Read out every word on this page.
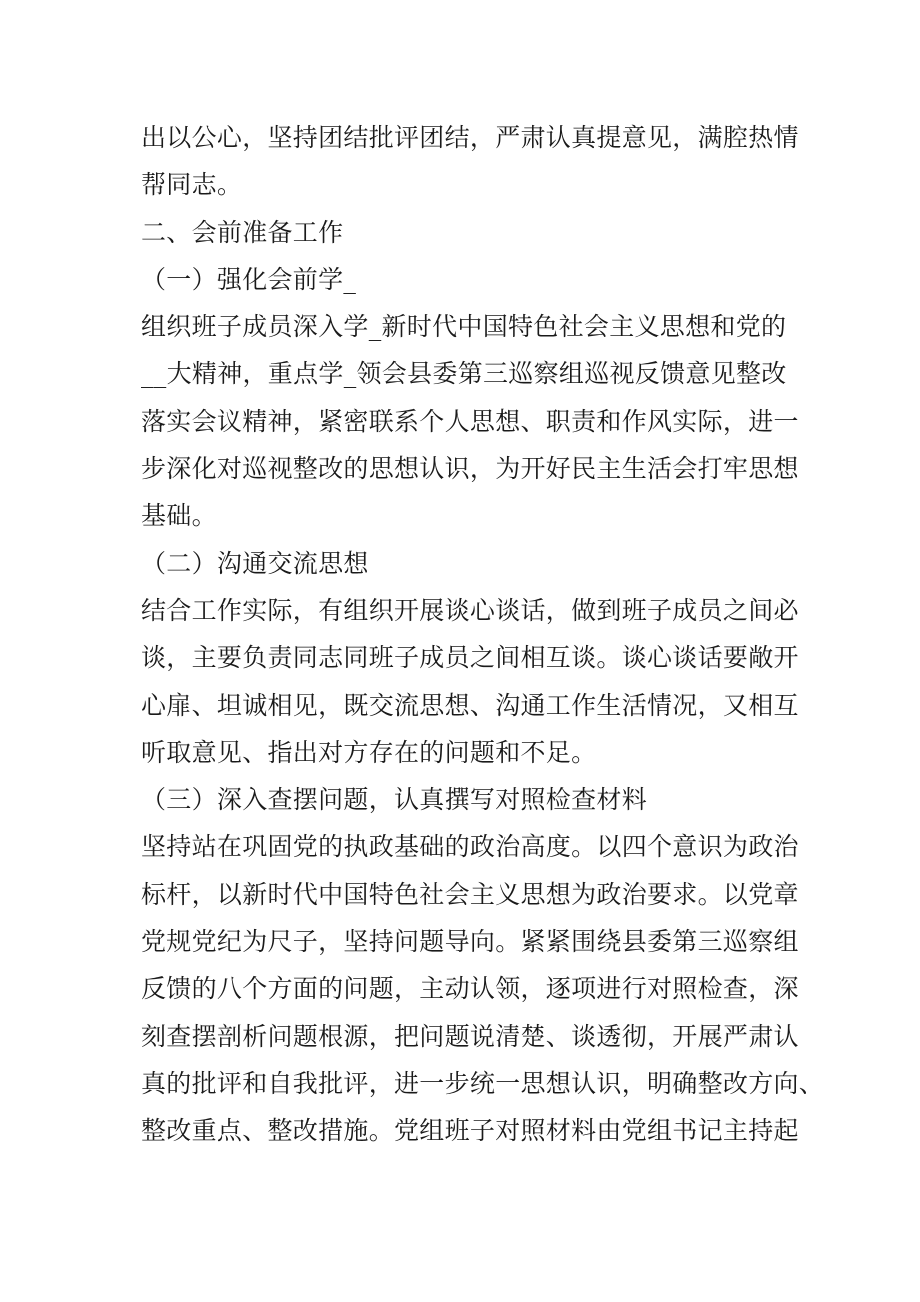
出以公心，坚持团结批评团结，严肃认真提意见，满腔热情
帮同志。
二、会前准备工作
（一）强化会前学_
组织班子成员深入学_新时代中国特色社会主义思想和党的
__大精神，重点学_领会县委第三巡察组巡视反馈意见整改
落实会议精神，紧密联系个人思想、职责和作风实际，进一
步深化对巡视整改的思想认识，为开好民主生活会打牢思想
基础。
（二）沟通交流思想
结合工作实际，有组织开展谈心谈话，做到班子成员之间必
谈，主要负责同志同班子成员之间相互谈。谈心谈话要敞开
心扉、坦诚相见，既交流思想、沟通工作生活情况，又相互
听取意见、指出对方存在的问题和不足。
（三）深入查摆问题，认真撰写对照检查材料
坚持站在巩固党的执政基础的政治高度。以四个意识为政治
标杆，以新时代中国特色社会主义思想为政治要求。以党章
党规党纪为尺子，坚持问题导向。紧紧围绕县委第三巡察组
反馈的八个方面的问题，主动认领，逐项进行对照检查，深
刻查摆剖析问题根源，把问题说清楚、谈透彻，开展严肃认
真的批评和自我批评，进一步统一思想认识，明确整改方向、
整改重点、整改措施。党组班子对照材料由党组书记主持起
